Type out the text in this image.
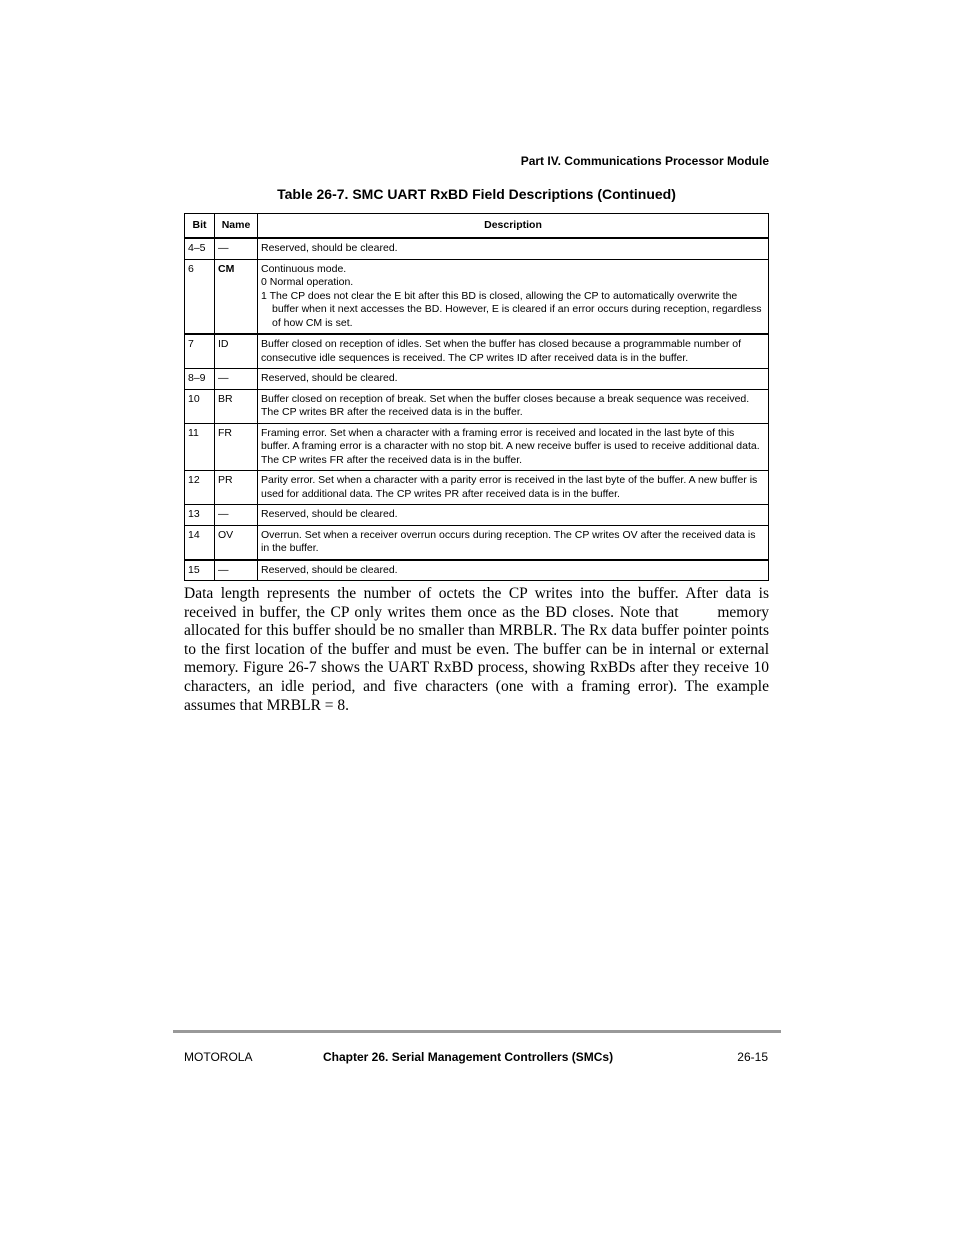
Part IV. Communications Processor Module
Table 26-7. SMC UART RxBD Field Descriptions (Continued)
Bit	Name	Description
4–5	—	Reserved, should be cleared.

6	CM	Continuous mode.
0 Normal operation.
1 The CP does not clear the E bit after this BD is closed, allowing the CP to automatically overwrite the buffer when it next accesses the BD. However, E is cleared if an error occurs during reception, regardless of how CM is set.

7	ID	Buffer closed on reception of idles. Set when the buffer has closed because a programmable number of consecutive idle sequences is received. The CP writes ID after received data is in the buffer.

8–9	—	Reserved, should be cleared.

10	BR	Buffer closed on reception of break. Set when the buffer closes because a break sequence was received. The CP writes BR after the received data is in the buffer.

11	FR	Framing error. Set when a character with a framing error is received and located in the last byte of this buffer. A framing error is a character with no stop bit. A new receive buffer is used to receive additional data. The CP writes FR after the received data is in the buffer.

12	PR	Parity error. Set when a character with a parity error is received in the last byte of the buffer. A new buffer is used for additional data. The CP writes PR after received data is in the buffer.

13	—	Reserved, should be cleared.

14	OV	Overrun. Set when a receiver overrun occurs during reception. The CP writes OV after the received data is in the buffer.

15	—	Reserved, should be cleared.

Data length represents the number of octets the CP writes into the buffer. After data is received in buffer, the CP only writes them once as the BD closes. Note that       memory allocated for this buffer should be no smaller than MRBLR. The Rx data buffer pointer points to the first location of the buffer and must be even. The buffer can be in internal or external memory. Figure 26-7 shows the UART RxBD process, showing RxBDs after they receive 10 characters, an idle period, and five characters (one with a framing error). The example assumes that MRBLR = 8.

MOTOROLA	Chapter 26. Serial Management Controllers (SMCs)	26-15
